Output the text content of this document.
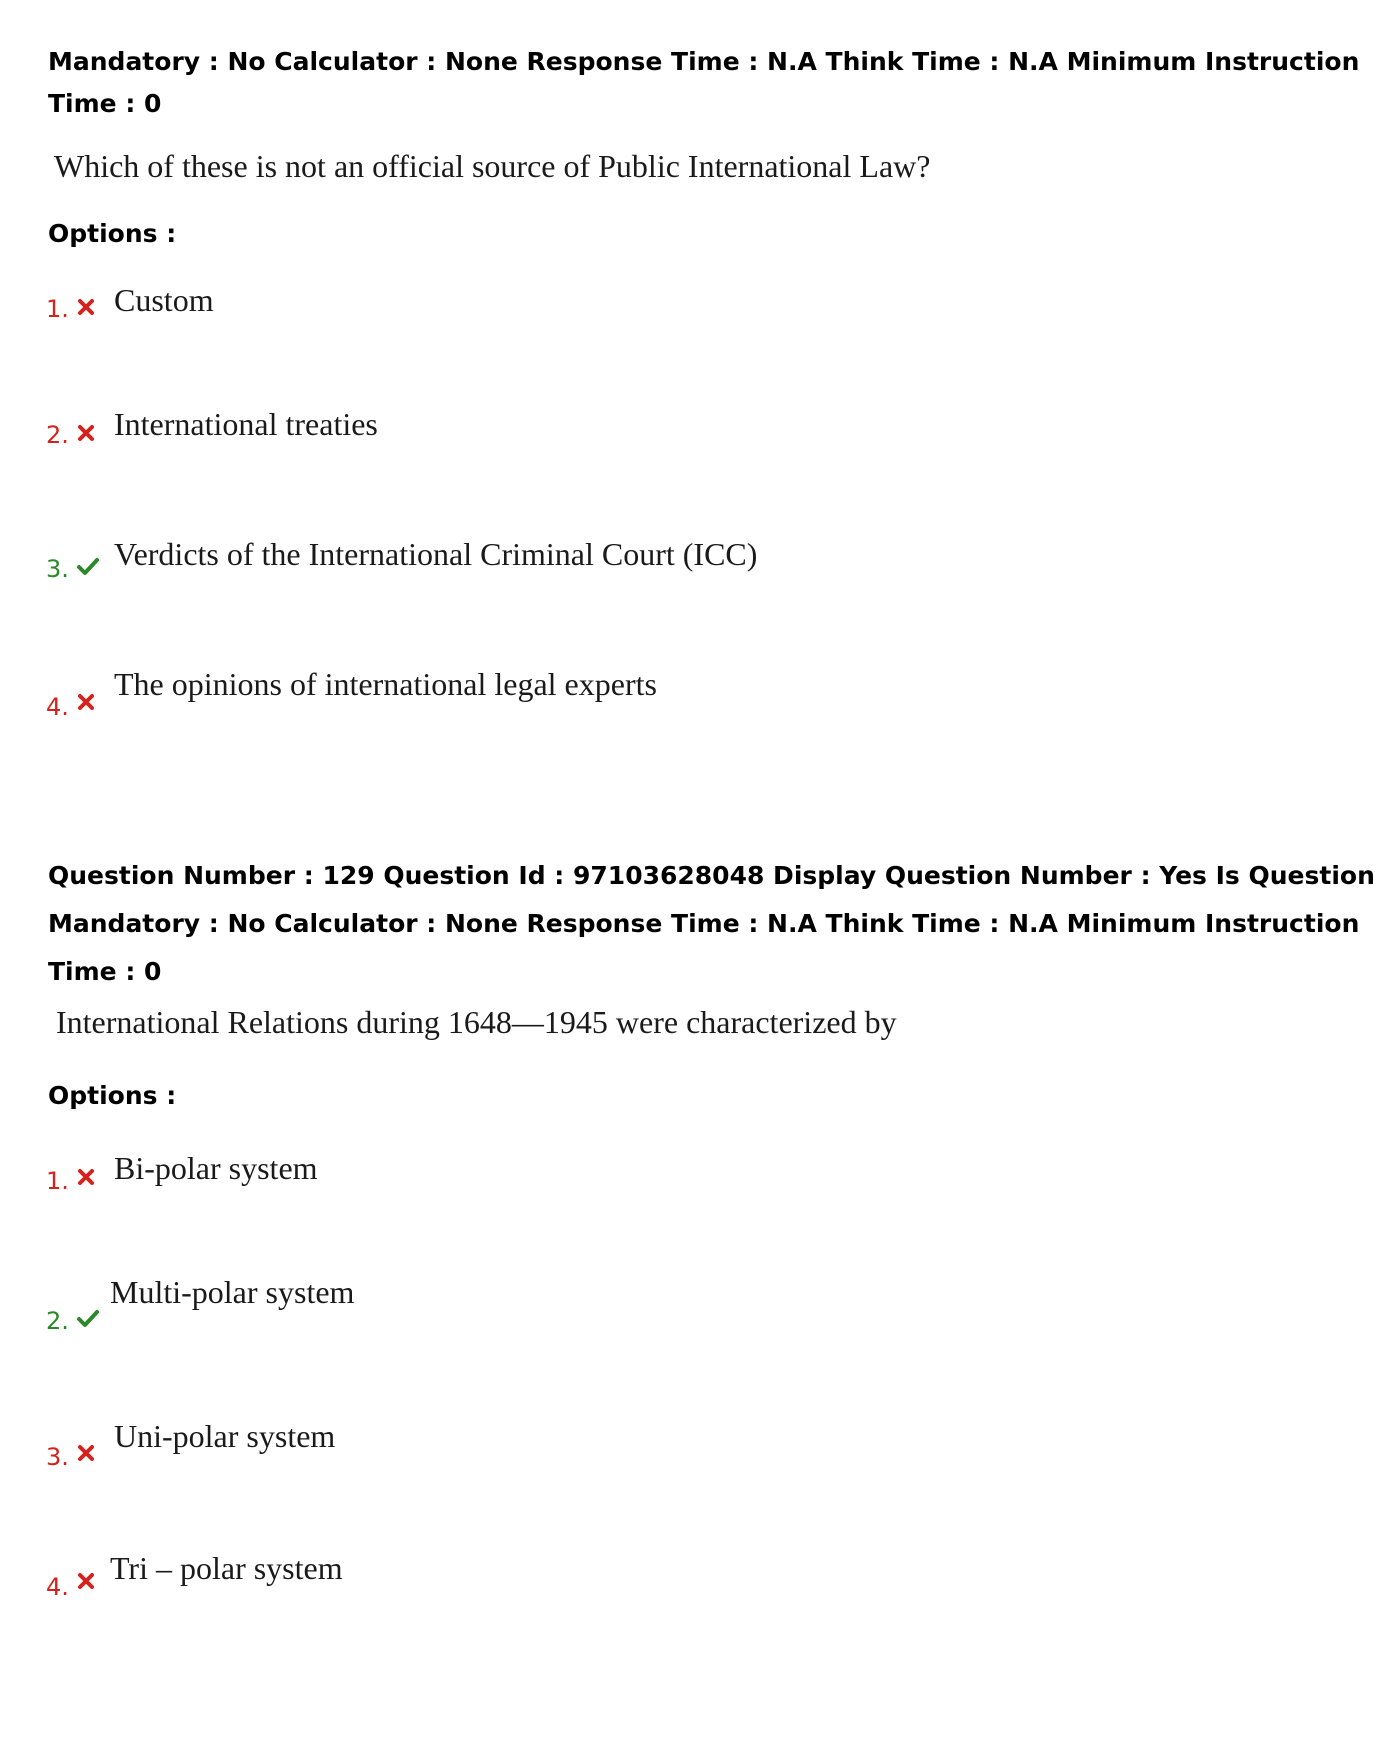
Mandatory : No Calculator : None Response Time : N.A Think Time : N.A Minimum Instruction
Time : 0
Which of these is not an official source of Public International Law?
Options :
1. Custom
2. International treaties
3. Verdicts of the International Criminal Court (ICC)
4.
The opinions of international legal experts
Question Number : 129 Question Id : 97103628048 Display Question Number : Yes Is Question
Mandatory : No Calculator : None Response Time : N.A Think Time : N.A Minimum Instruction
Time : 0
International Relations during 1648—1945 were characterized by
Options :
1. Bi-polar system
2.
Multi-polar system
3.
Uni-polar system
4.
Tri – polar system
